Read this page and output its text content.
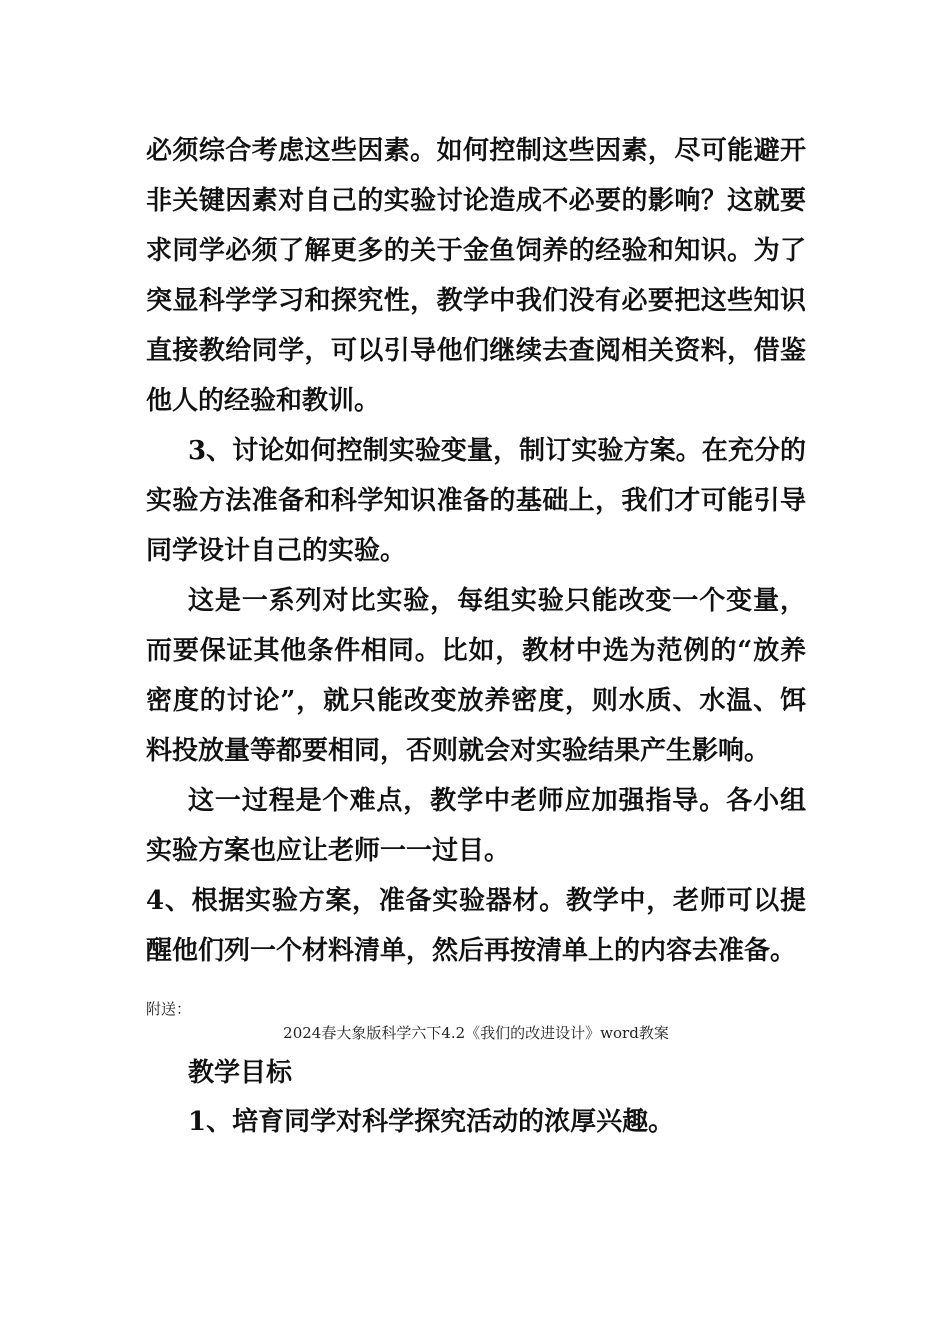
必须综合考虑这些因素。如何控制这些因素，尽可能避开非关键因素对自己的实验讨论造成不必要的影响？这就要求同学必须了解更多的关于金鱼饲养的经验和知识。为了突显科学学习和探究性，教学中我们没有必要把这些知识直接教给同学，可以引导他们继续去查阅相关资料，借鉴他人的经验和教训。

3、讨论如何控制实验变量，制订实验方案。在充分的实验方法准备和科学知识准备的基础上，我们才可能引导同学设计自己的实验。

这是一系列对比实验，每组实验只能改变一个变量，而要保证其他条件相同。比如，教材中选为范例的“放养密度的讨论”，就只能改变放养密度，则水质、水温、饵料投放量等都要相同，否则就会对实验结果产生影响。

这一过程是个难点，教学中老师应加强指导。各小组实验方案也应让老师一一过目。

4、根据实验方案，准备实验器材。教学中，老师可以提醒他们列一个材料清单，然后再按清单上的内容去准备。

附送：
2024春大象版科学六下4.2《我们的改进设计》word教案
教学目标
1、培育同学对科学探究活动的浓厚兴趣。
